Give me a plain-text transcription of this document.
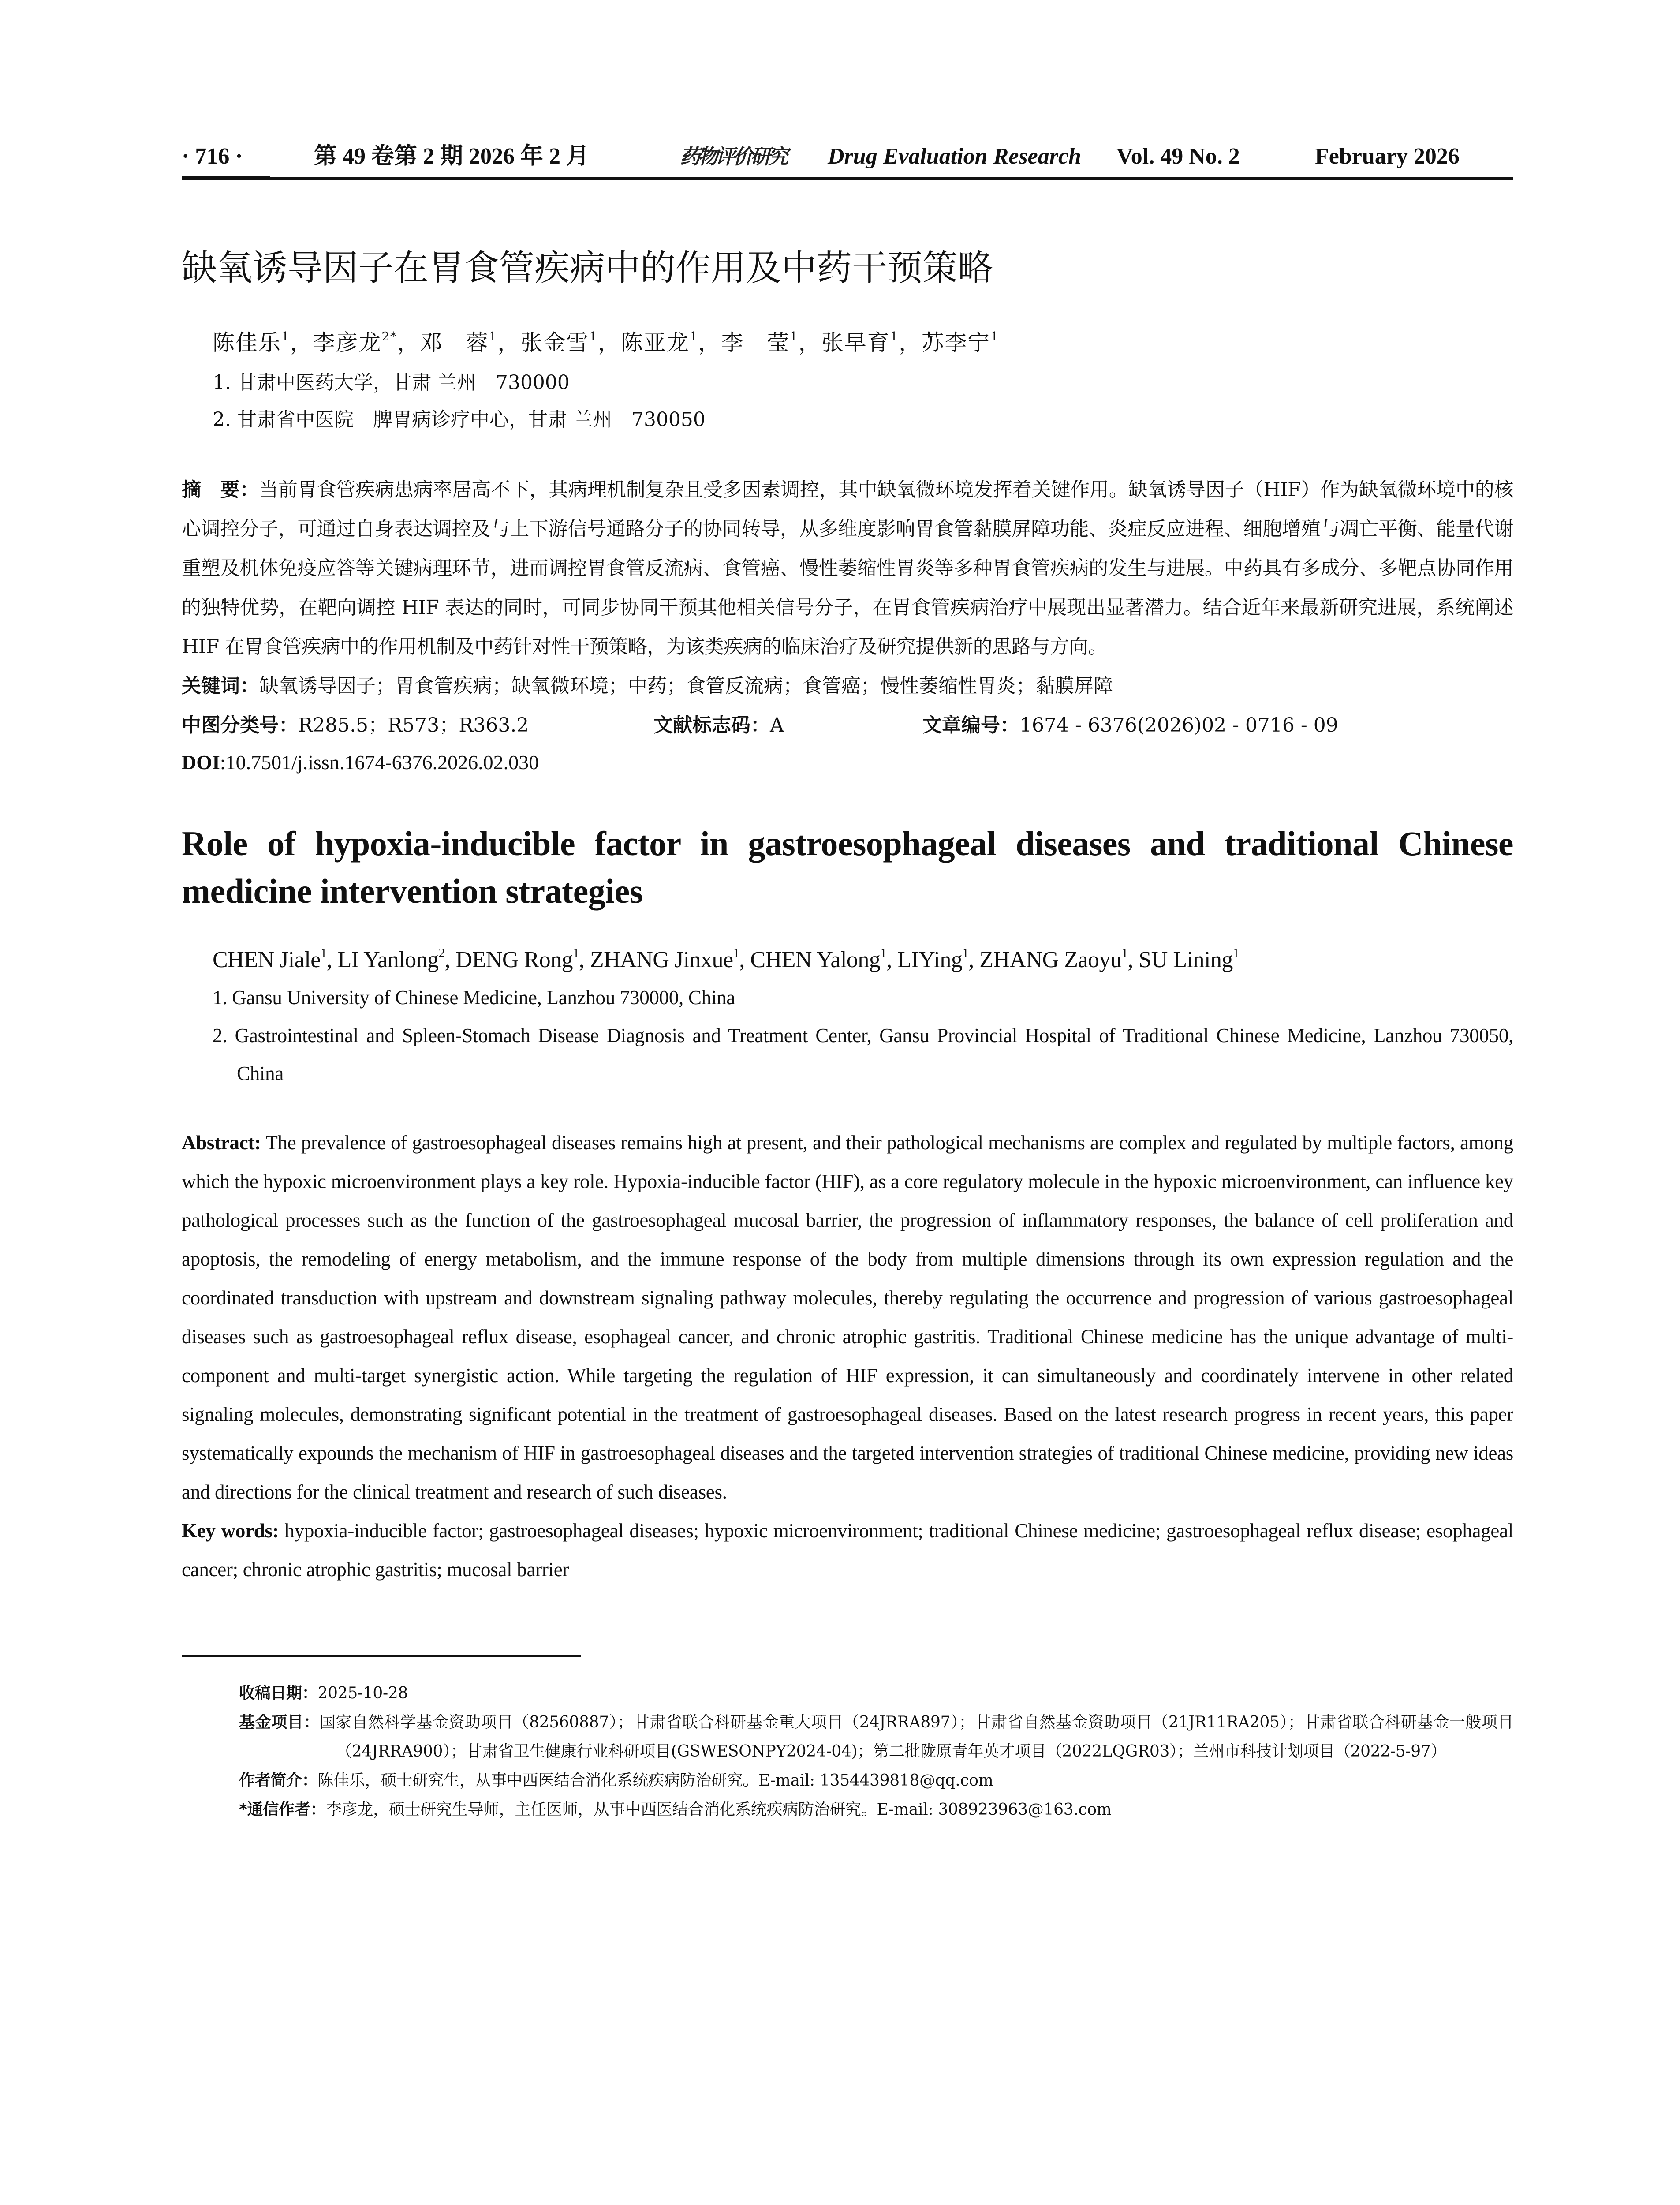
· 716 ·	第 49 卷第 2 期 2026 年 2 月	药物评价研究 Drug Evaluation Research Vol. 49 No. 2	February 2026
缺氧诱导因子在胃食管疾病中的作用及中药干预策略
陈佳乐$^1$，李彦龙$^{2*}$，邓　蓉$^1$，张金雪$^1$，陈亚龙$^1$，李　莹$^1$，张早育$^1$，苏李宁$^1$
1. 甘肃中医药大学，甘肃 兰州　730000
2. 甘肃省中医院　脾胃病诊疗中心，甘肃 兰州　730050
摘　要：当前胃食管疾病患病率居高不下，其病理机制复杂且受多因素调控，其中缺氧微环境发挥着关键作用。缺氧诱导因子（HIF）作为缺氧微环境中的核心调控分子，可通过自身表达调控及与上下游信号通路分子的协同转导，从多维度影响胃食管黏膜屏障功能、炎症反应进程、细胞增殖与凋亡平衡、能量代谢重塑及机体免疫应答等关键病理环节，进而调控胃食管反流病、食管癌、慢性萎缩性胃炎等多种胃食管疾病的发生与进展。中药具有多成分、多靶点协同作用的独特优势，在靶向调控 HIF 表达的同时，可同步协同干预其他相关信号分子，在胃食管疾病治疗中展现出显著潜力。结合近年来最新研究进展，系统阐述 HIF 在胃食管疾病中的作用机制及中药针对性干预策略，为该类疾病的临床治疗及研究提供新的思路与方向。
关键词：缺氧诱导因子；胃食管疾病；缺氧微环境；中药；食管反流病；食管癌；慢性萎缩性胃炎；黏膜屏障
中图分类号：R285.5；R573；R363.2	文献标志码：A	文章编号：1674 - 6376(2026)02 - 0716 - 09
DOI:10.7501/j.issn.1674-6376.2026.02.030
Role of hypoxia-inducible factor in gastroesophageal diseases and traditional Chinese medicine intervention strategies
CHEN Jiale$^1$, LI Yanlong$^2$, DENG Rong$^1$, ZHANG Jinxue$^1$, CHEN Yalong$^1$, LIYing$^1$, ZHANG Zaoyu$^1$, SU Lining$^1$
1. Gansu University of Chinese Medicine, Lanzhou 730000, China
2. Gastrointestinal and Spleen-Stomach Disease Diagnosis and Treatment Center, Gansu Provincial Hospital of Traditional Chinese Medicine, Lanzhou 730050, China
Abstract: The prevalence of gastroesophageal diseases remains high at present, and their pathological mechanisms are complex and regulated by multiple factors, among which the hypoxic microenvironment plays a key role. Hypoxia-inducible factor (HIF), as a core regulatory molecule in the hypoxic microenvironment, can influence key pathological processes such as the function of the gastroesophageal mucosal barrier, the progression of inflammatory responses, the balance of cell proliferation and apoptosis, the remodeling of energy metabolism, and the immune response of the body from multiple dimensions through its own expression regulation and the coordinated transduction with upstream and downstream signaling pathway molecules, thereby regulating the occurrence and progression of various gastroesophageal diseases such as gastroesophageal reflux disease, esophageal cancer, and chronic atrophic gastritis. Traditional Chinese medicine has the unique advantage of multi-component and multi-target synergistic action. While targeting the regulation of HIF expression, it can simultaneously and coordinately intervene in other related signaling molecules, demonstrating significant potential in the treatment of gastroesophageal diseases. Based on the latest research progress in recent years, this paper systematically expounds the mechanism of HIF in gastroesophageal diseases and the targeted intervention strategies of traditional Chinese medicine, providing new ideas and directions for the clinical treatment and research of such diseases.
Key words: hypoxia-inducible factor; gastroesophageal diseases; hypoxic microenvironment; traditional Chinese medicine; gastroesophageal reflux disease; esophageal cancer; chronic atrophic gastritis; mucosal barrier
收稿日期：2025-10-28
基金项目：国家自然科学基金资助项目（82560887）；甘肃省联合科研基金重大项目（24JRRA897）；甘肃省自然基金资助项目（21JR11RA205）；甘肃省联合科研基金一般项目（24JRRA900）；甘肃省卫生健康行业科研项目(GSWESONPY2024-04)；第二批陇原青年英才项目（2022LQGR03）；兰州市科技计划项目（2022-5-97）
作者简介：陈佳乐，硕士研究生，从事中西医结合消化系统疾病防治研究。E-mail: 1354439818@qq.com
*通信作者：李彦龙，硕士研究生导师，主任医师，从事中西医结合消化系统疾病防治研究。E-mail: 308923963@163.com
